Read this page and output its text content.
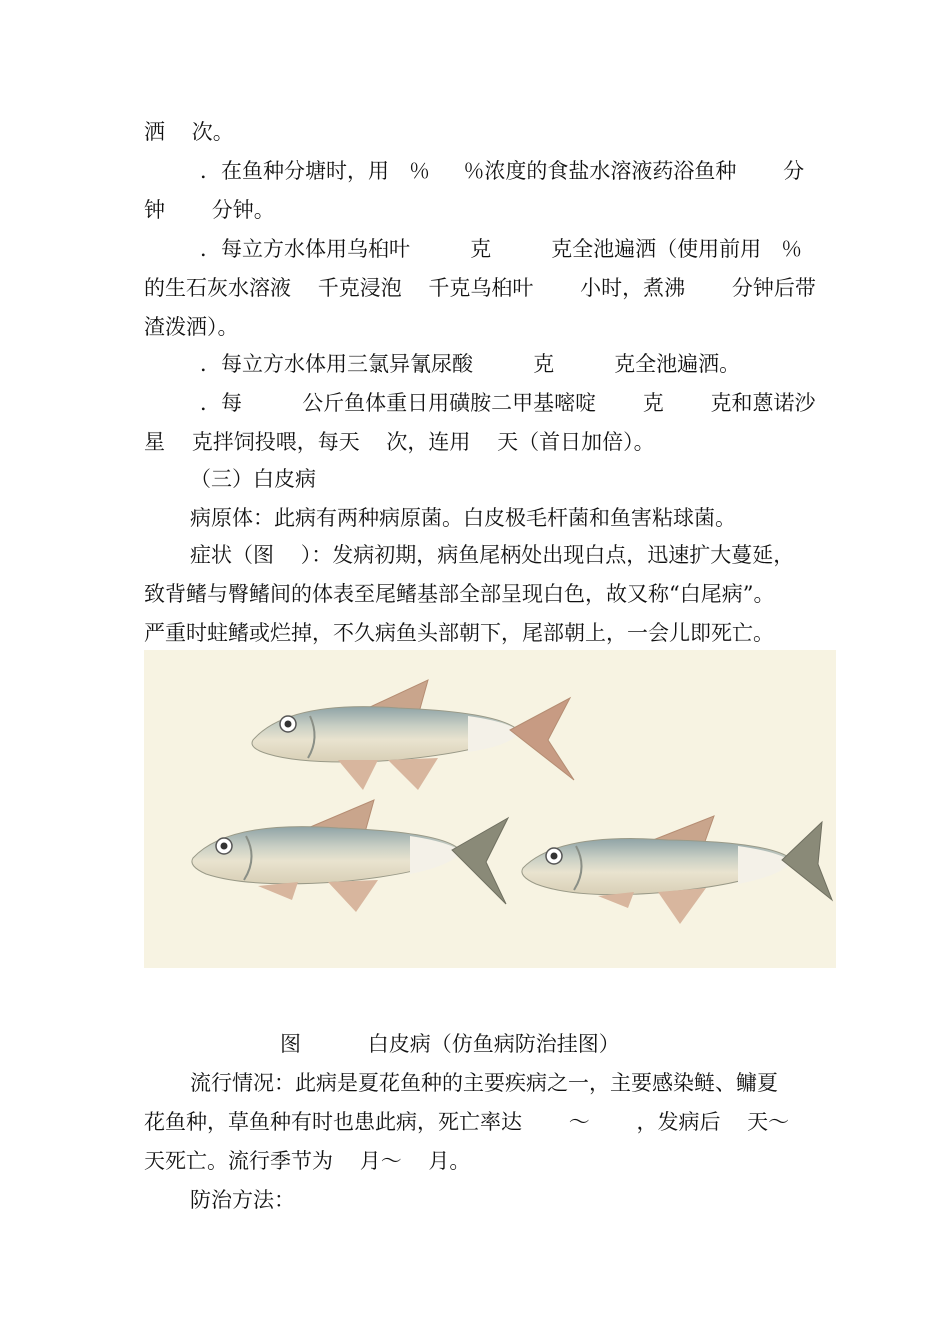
洒    次。
．在鱼种分塘时，用   ％     ％浓度的食盐水溶液药浴鱼种       分
钟       分钟。
．每立方水体用乌桕叶         克         克全池遍洒（使用前用   ％
的生石灰水溶液    千克浸泡    千克乌桕叶       小时，煮沸       分钟后带
渣泼洒）。
．每立方水体用三氯异氰尿酸         克         克全池遍洒。
．每         公斤鱼体重日用磺胺二甲基嘧啶       克       克和蒽诺沙
星    克拌饲投喂，每天    次，连用    天（首日加倍）。
（三）白皮病
病原体：此病有两种病原菌。白皮极毛杆菌和鱼害粘球菌。
症状（图    ）：发病初期，病鱼尾柄处出现白点，迅速扩大蔓延，
致背鳍与臀鳍间的体表至尾鳍基部全部呈现白色，故又称“白尾病”。
严重时蛀鳍或烂掉，不久病鱼头部朝下，尾部朝上，一会儿即死亡。
图          白皮病（仿鱼病防治挂图）
流行情况：此病是夏花鱼种的主要疾病之一，主要感染鲢、鳙夏
花鱼种，草鱼种有时也患此病，死亡率达       ～       ，发病后    天～
天死亡。流行季节为    月～    月。
防治方法：
